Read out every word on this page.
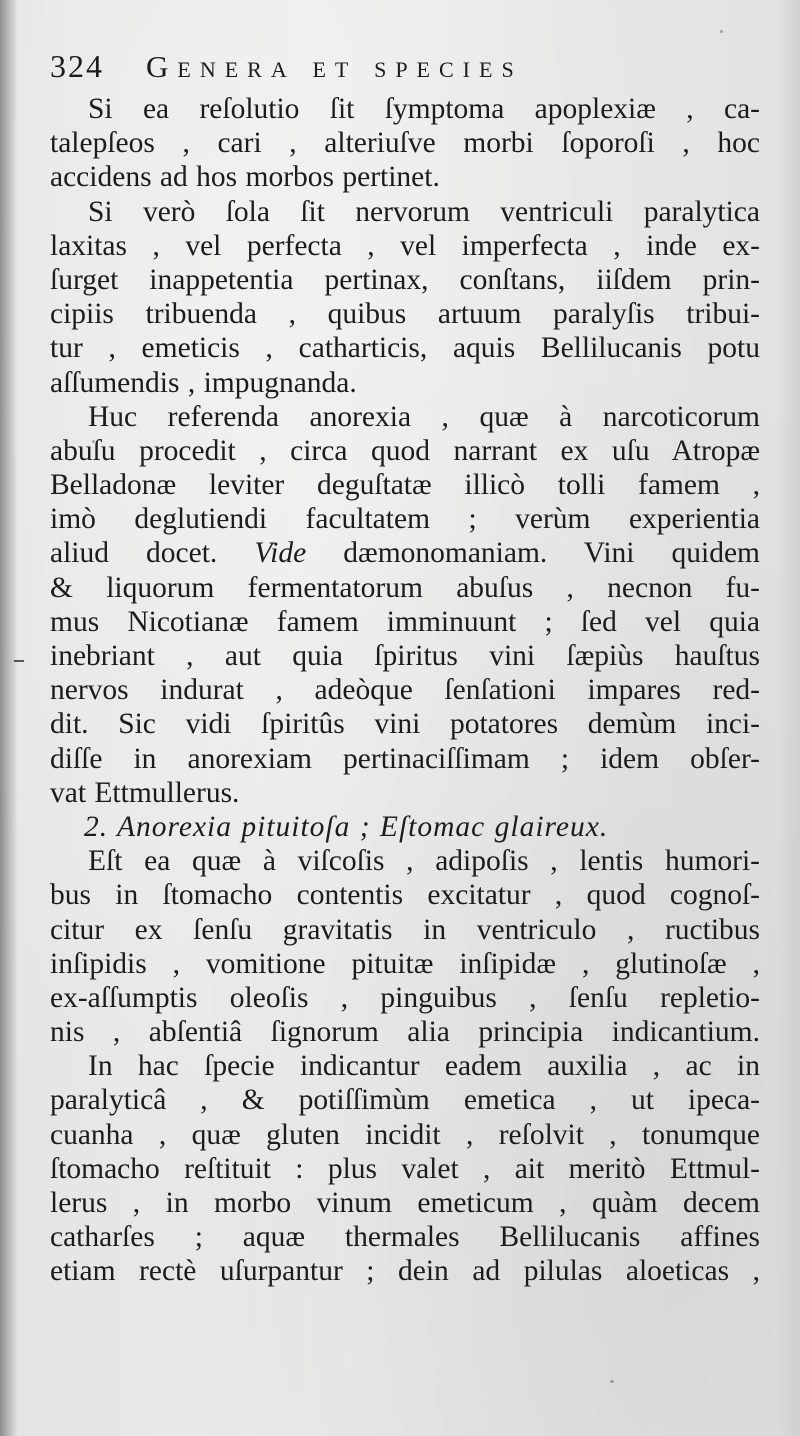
324 Genera et species
Si ea reſolutio ſit ſymptoma apoplexiæ , ca-
talepſeos , cari , alteriuſve morbi ſoporoſi , hoc
accidens ad hos morbos pertinet.
Si verò ſola ſit nervorum ventriculi paralytica
laxitas , vel perfecta , vel imperfecta , inde ex-
ſurget inappetentia pertinax, conſtans, iiſdem prin-
cipiis tribuenda , quibus artuum paralyſis tribui-
tur , emeticis , catharticis, aquis Bellilucanis potu
aſſumendis , impugnanda.
Huc referenda anorexia , quæ à narcoticorum
abuſu procedit , circa quod narrant ex uſu Atropæ
Belladonæ leviter deguſtatæ illicò tolli famem ,
imò deglutiendi facultatem ; verùm experientia
aliud docet. Vide dæmonomaniam. Vini quidem
& liquorum fermentatorum abuſus , necnon fu-
mus Nicotianæ famem imminuunt ; ſed vel quia
inebriant , aut quia ſpiritus vini ſæpiùs hauſtus
nervos indurat , adeòque ſenſationi impares red-
dit. Sic vidi ſpiritûs vini potatores demùm inci-
diſſe in anorexiam pertinaciſſimam ; idem obſer-
vat Ettmullerus.
2. Anorexia pituitoſa ; Eſtomac glaireux.
Eſt ea quæ à viſcoſis , adipoſis , lentis humori-
bus in ſtomacho contentis excitatur , quod cognoſ-
citur ex ſenſu gravitatis in ventriculo , ructibus
inſipidis , vomitione pituitæ inſipidæ , glutinoſæ ,
ex-aſſumptis oleoſis , pinguibus , ſenſu repletio-
nis , abſentiâ ſignorum alia principia indicantium.
In hac ſpecie indicantur eadem auxilia , ac in
paralyticâ , & potiſſimùm emetica , ut ipeca-
cuanha , quæ gluten incidit , reſolvit , tonumque
ſtomacho reſtituit : plus valet , ait meritò Ettmul-
lerus , in morbo vinum emeticum , quàm decem
catharſes ; aquæ thermales Bellilucanis affines
etiam rectè uſurpantur ; dein ad pilulas aloeticas ,
